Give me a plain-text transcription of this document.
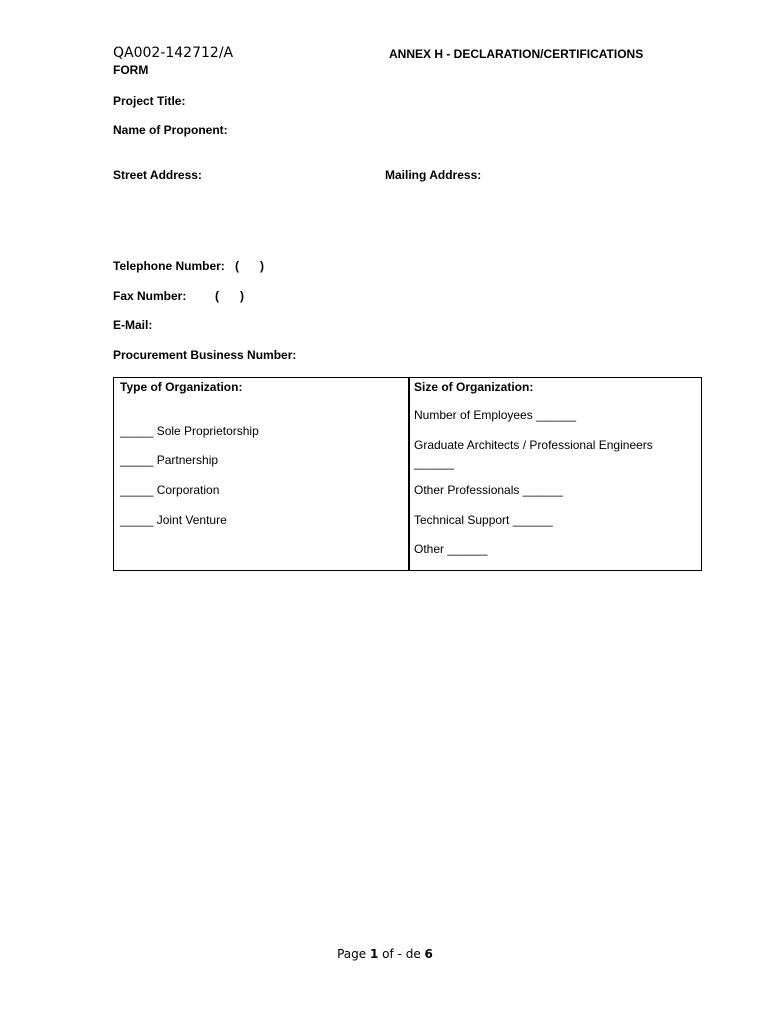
QA002-142712/A
FORM
ANNEX H - DECLARATION/CERTIFICATIONS
Project Title:
Name of Proponent:
Street Address:	Mailing Address:
Telephone Number: ( )
Fax Number: ( )
E-Mail:
Procurement Business Number:
Type of Organization:
_____ Sole Proprietorship
_____ Partnership
_____ Corporation
_____ Joint Venture
Size of Organization:
Number of Employees ______
Graduate Architects / Professional Engineers
______
Other Professionals ______
Technical Support ______
Other ______
Page 1 of - de 6
